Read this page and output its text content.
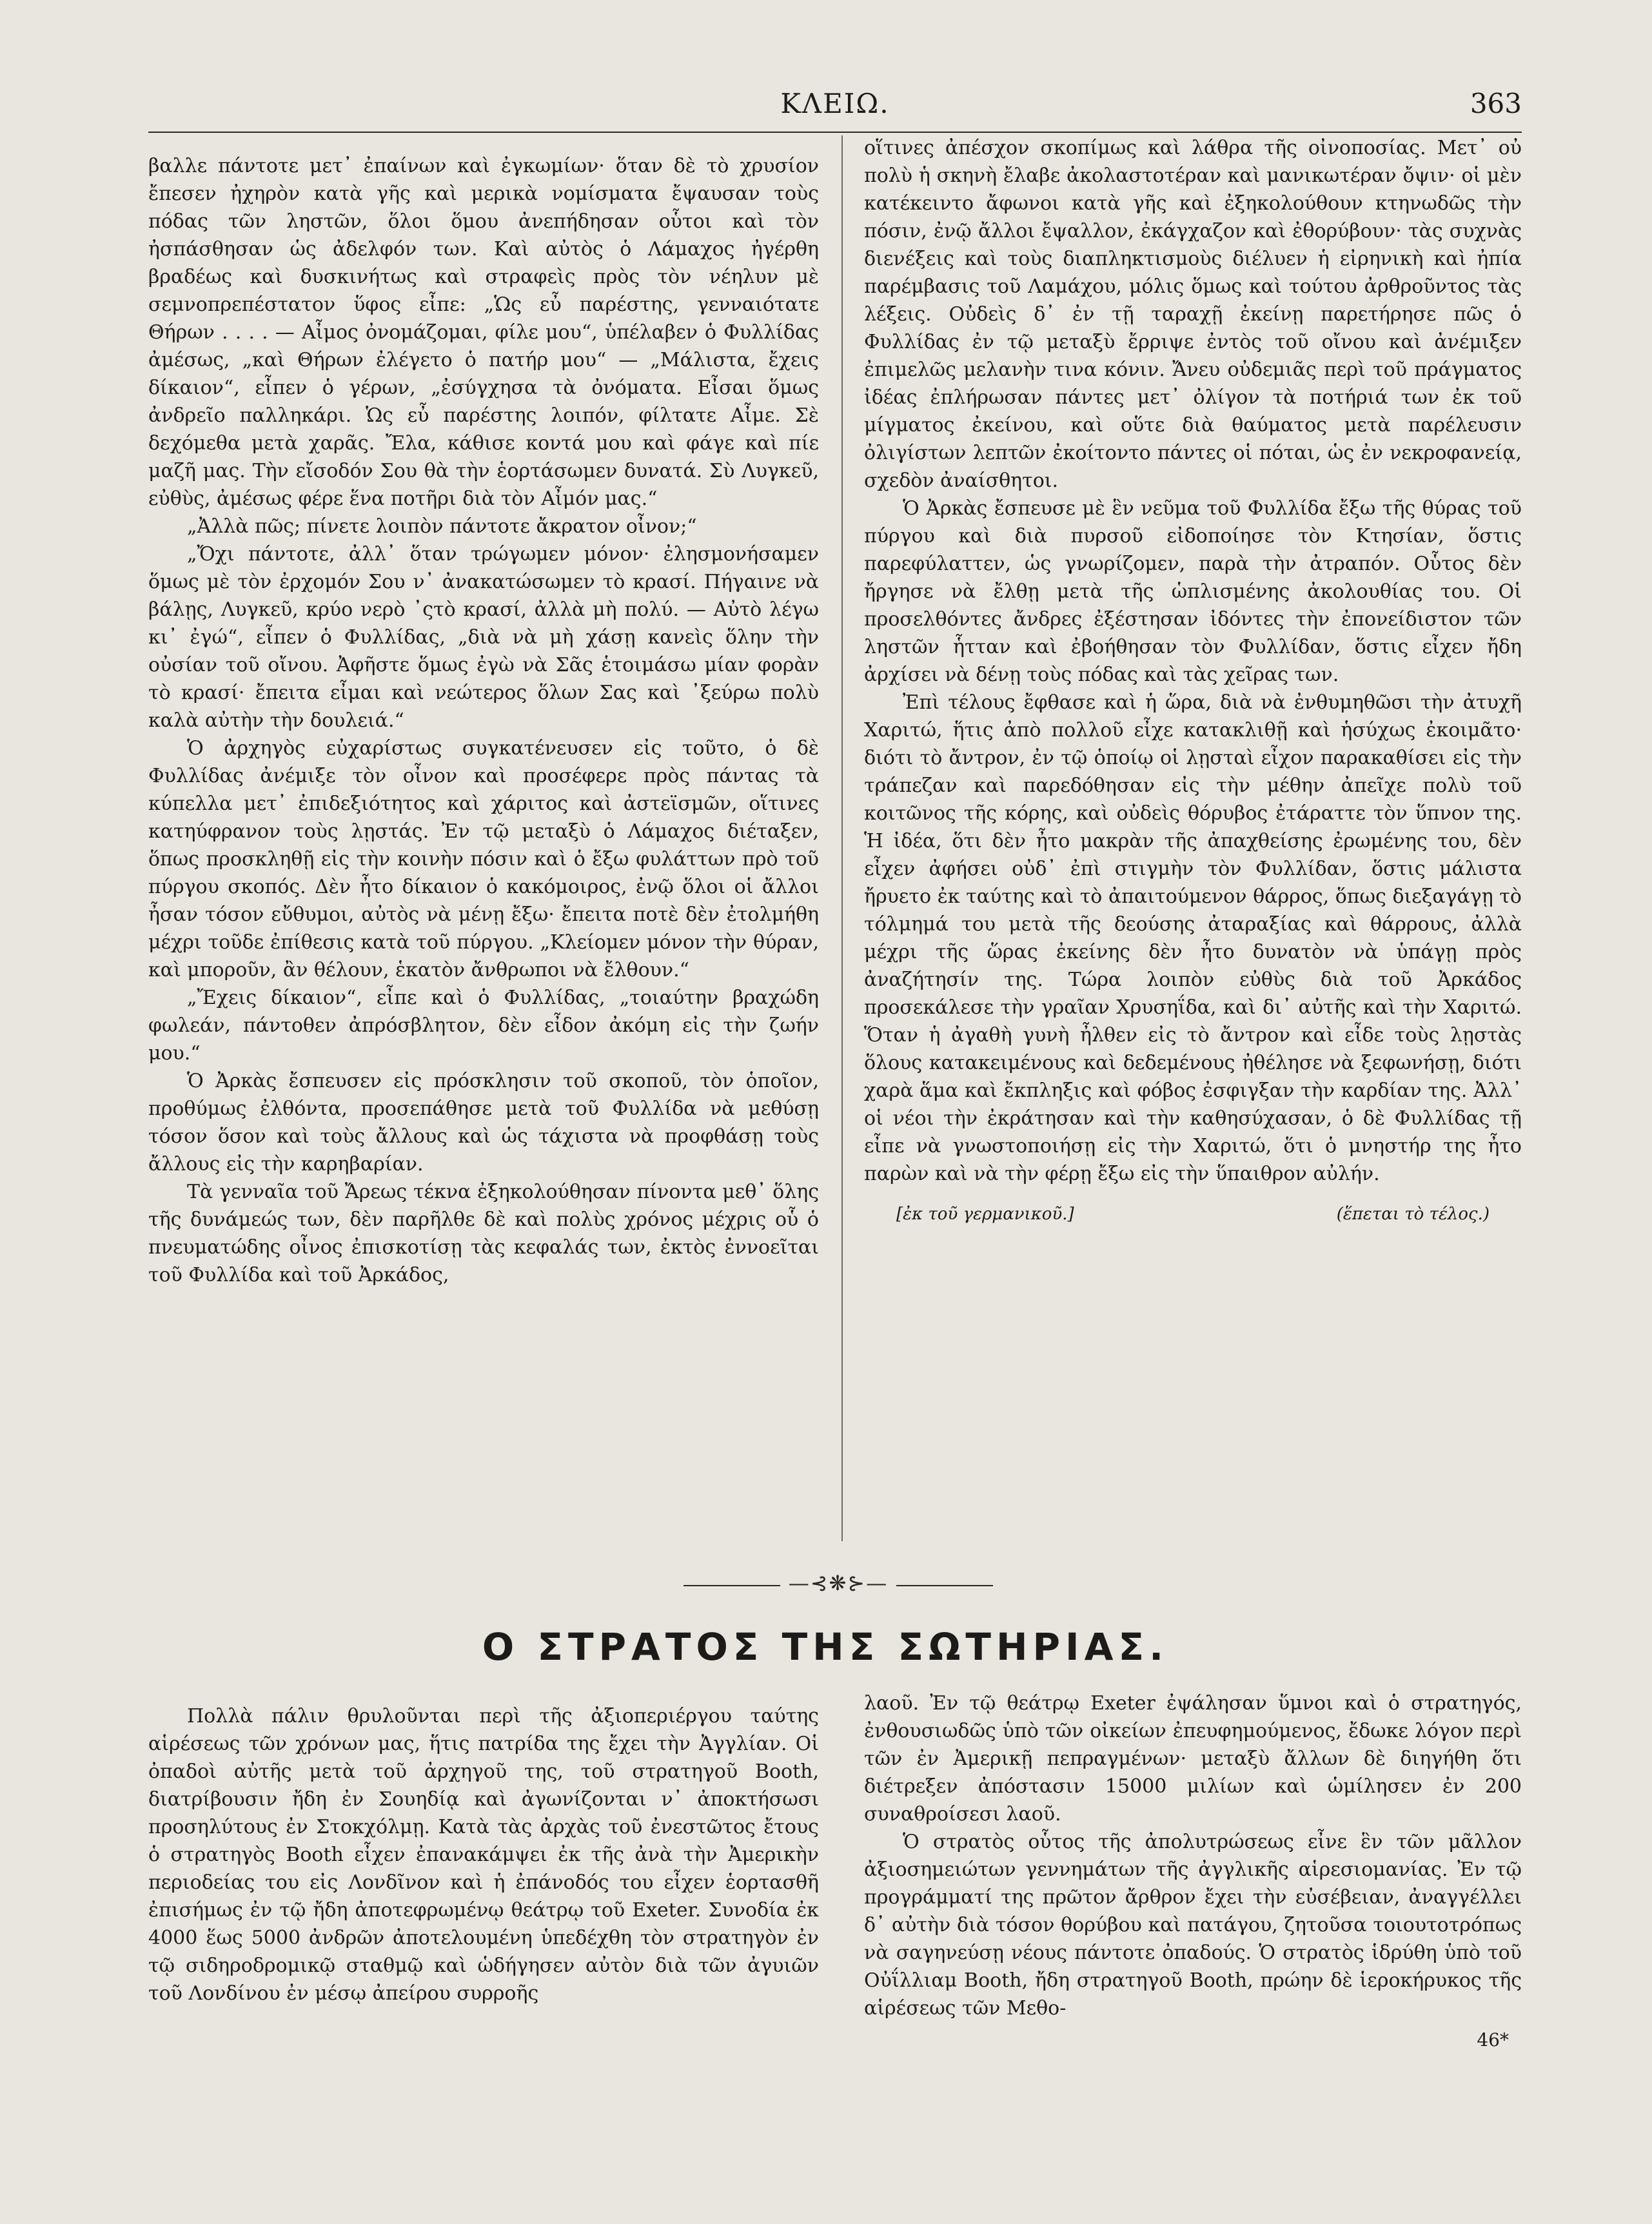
ΚΛΕΙΩ.	363

βαλλε πάντοτε μετ᾽ ἐπαίνων καὶ ἐγκωμίων· ὅταν δὲ τὸ χρυσίον ἔπεσεν ἠχηρὸν κατὰ γῆς καὶ μερικὰ νομίσματα ἔψαυσαν τοὺς πόδας τῶν ληστῶν, ὅλοι ὅμου ἀνεπήδησαν οὗτοι καὶ τὸν ἠσπάσθησαν ὡς ἀδελφόν των. Καὶ αὐτὸς ὁ Λάμαχος ἠγέρθη βραδέως καὶ δυσκινήτως καὶ στραφεὶς πρὸς τὸν νέηλυν μὲ σεμνοπρεπέστατον ὕφος εἶπε: „Ὡς εὖ παρέστης, γενναιότατε Θήρων . . . . — Αἶμος ὀνομάζομαι, φίλε μου“, ὑπέλαβεν ὁ Φυλλίδας ἀμέσως, „καὶ Θήρων ἐλέγετο ὁ πατήρ μου“ — „Μάλιστα, ἔχεις δίκαιον“, εἶπεν ὁ γέρων, „ἐσύγχησα τὰ ὀνόματα. Εἶσαι ὅμως ἀνδρεῖο παλληκάρι. Ὡς εὖ παρέστης λοιπόν, φίλτατε Αἶμε. Σὲ δεχόμεθα μετὰ χαρᾶς. Ἔλα, κάθισε κοντά μου καὶ φάγε καὶ πίε μαζῆ μας. Τὴν εἴσοδόν Σου θὰ τὴν ἑορτάσωμεν δυνατά. Σὺ Λυγκεῦ, εὐθὺς, ἀμέσως φέρε ἕνα ποτῆρι διὰ τὸν Αἶμόν μας.“

„Ἀλλὰ πῶς; πίνετε λοιπὸν πάντοτε ἄκρατον οἶνον;“

„Ὄχι πάντοτε, ἀλλ᾽ ὅταν τρώγωμεν μόνον· ἐλησμονήσαμεν ὅμως μὲ τὸν ἐρχομόν Σου ν᾽ ἀνακατώσωμεν τὸ κρασί. Πήγαινε νὰ βάλῃς, Λυγκεῦ, κρύο νερὸ ᾽ςτὸ κρασί, ἀλλὰ μὴ πολύ. — Αὐτὸ λέγω κι᾽ ἐγώ“, εἶπεν ὁ Φυλλίδας, „διὰ νὰ μὴ χάσῃ κανεὶς ὅλην τὴν οὐσίαν τοῦ οἴνου. Ἀφῆστε ὅμως ἐγὼ νὰ Σᾶς ἑτοιμάσω μίαν φορὰν τὸ κρασί· ἔπειτα εἶμαι καὶ νεώτερος ὅλων Σας καὶ ᾽ξεύρω πολὺ καλὰ αὐτὴν τὴν δουλειά.“

Ὁ ἀρχηγὸς εὐχαρίστως συγκατένευσεν εἰς τοῦτο, ὁ δὲ Φυλλίδας ἀνέμιξε τὸν οἶνον καὶ προσέφερε πρὸς πάντας τὰ κύπελλα μετ᾽ ἐπιδεξιότητος καὶ χάριτος καὶ ἀστεϊσμῶν, οἵτινες κατηύφρανον τοὺς λῃστάς. Ἐν τῷ μεταξὺ ὁ Λάμαχος διέταξεν, ὅπως προσκληθῇ εἰς τὴν κοινὴν πόσιν καὶ ὁ ἔξω φυλάττων πρὸ τοῦ πύργου σκοπός. Δὲν ἦτο δίκαιον ὁ κακόμοιρος, ἐνῷ ὅλοι οἱ ἄλλοι ἦσαν τόσον εὔθυμοι, αὐτὸς νὰ μένῃ ἔξω· ἔπειτα ποτὲ δὲν ἐτολμήθη μέχρι τοῦδε ἐπίθεσις κατὰ τοῦ πύργου. „Κλείομεν μόνον τὴν θύραν, καὶ μποροῦν, ἂν θέλουν, ἑκατὸν ἄνθρωποι νὰ ἔλθουν.“

„Ἔχεις δίκαιον“, εἶπε καὶ ὁ Φυλλίδας, „τοιαύτην βραχώδη φωλεάν, πάντοθεν ἀπρόσβλητον, δὲν εἶδον ἀκόμη εἰς τὴν ζωήν μου.“

Ὁ Ἀρκὰς ἔσπευσεν εἰς πρόσκλησιν τοῦ σκοποῦ, τὸν ὁποῖον, προθύμως ἐλθόντα, προσεπάθησε μετὰ τοῦ Φυλλίδα νὰ μεθύσῃ τόσον ὅσον καὶ τοὺς ἄλλους καὶ ὡς τάχιστα νὰ προφθάσῃ τοὺς ἄλλους εἰς τὴν καρηβαρίαν.

Τὰ γενναῖα τοῦ Ἄρεως τέκνα ἐξηκολούθησαν πίνοντα μεθ᾽ ὅλης τῆς δυνάμεώς των, δὲν παρῆλθε δὲ καὶ πολὺς χρόνος μέχρις οὗ ὁ πνευματώδης οἶνος ἐπισκοτίσῃ τὰς κεφαλάς των, ἐκτὸς ἐννοεῖται τοῦ Φυλλίδα καὶ τοῦ Ἀρκάδος,

οἵτινες ἀπέσχον σκοπίμως καὶ λάθρα τῆς οἰνοποσίας. Μετ᾽ οὐ πολὺ ἡ σκηνὴ ἔλαβε ἀκολαστοτέραν καὶ μανικωτέραν ὄψιν· οἱ μὲν κατέκειντο ἄφωνοι κατὰ γῆς καὶ ἐξηκολούθουν κτηνωδῶς τὴν πόσιν, ἐνῷ ἄλλοι ἔψαλλον, ἐκάγχαζον καὶ ἐθορύβουν· τὰς συχνὰς διενέξεις καὶ τοὺς διαπληκτισμοὺς διέλυεν ἡ εἰρηνικὴ καὶ ἠπία παρέμβασις τοῦ Λαμάχου, μόλις ὅμως καὶ τούτου ἀρθροῦντος τὰς λέξεις. Οὐδεὶς δ᾽ ἐν τῇ ταραχῇ ἐκείνῃ παρετήρησε πῶς ὁ Φυλλίδας ἐν τῷ μεταξὺ ἔρριψε ἐντὸς τοῦ οἴνου καὶ ἀνέμιξεν ἐπιμελῶς μελανὴν τινα κόνιν. Ἄνευ οὐδεμιᾶς περὶ τοῦ πράγματος ἰδέας ἐπλήρωσαν πάντες μετ᾽ ὀλίγον τὰ ποτήριά των ἐκ τοῦ μίγματος ἐκείνου, καὶ οὕτε διὰ θαύματος μετὰ παρέλευσιν ὀλιγίστων λεπτῶν ἐκοίτοντο πάντες οἱ πόται, ὡς ἐν νεκροφανείᾳ, σχεδὸν ἀναίσθητοι.

Ὁ Ἀρκὰς ἔσπευσε μὲ ἓν νεῦμα τοῦ Φυλλίδα ἔξω τῆς θύρας τοῦ πύργου καὶ διὰ πυρσοῦ εἰδοποίησε τὸν Κτησίαν, ὅστις παρεφύλαττεν, ὡς γνωρίζομεν, παρὰ τὴν ἀτραπόν. Οὗτος δὲν ἤργησε νὰ ἔλθῃ μετὰ τῆς ὡπλισμένης ἀκολουθίας του. Οἱ προσελθόντες ἄνδρες ἐξέστησαν ἰδόντες τὴν ἐπονείδιστον τῶν ληστῶν ἧτταν καὶ ἐβοήθησαν τὸν Φυλλίδαν, ὅστις εἶχεν ἤδη ἀρχίσει νὰ δένῃ τοὺς πόδας καὶ τὰς χεῖρας των.

Ἐπὶ τέλους ἔφθασε καὶ ἡ ὥρα, διὰ νὰ ἐνθυμηθῶσι τὴν ἀτυχῆ Χαριτώ, ἥτις ἀπὸ πολλοῦ εἶχε κατακλιθῇ καὶ ἡσύχως ἐκοιμᾶτο· διότι τὸ ἄντρον, ἐν τῷ ὁποίῳ οἱ λῃσταὶ εἶχον παρακαθίσει εἰς τὴν τράπεζαν καὶ παρεδόθησαν εἰς τὴν μέθην ἀπεῖχε πολὺ τοῦ κοιτῶνος τῆς κόρης, καὶ οὐδεὶς θόρυβος ἐτάραττε τὸν ὕπνον της. Ἡ ἰδέα, ὅτι δὲν ἦτο μακρὰν τῆς ἀπαχθείσης ἐρωμένης του, δὲν εἶχεν ἀφήσει οὐδ᾽ ἐπὶ στιγμὴν τὸν Φυλλίδαν, ὅστις μάλιστα ἤρυετο ἐκ ταύτης καὶ τὸ ἀπαιτούμενον θάρρος, ὅπως διεξαγάγῃ τὸ τόλμημά του μετὰ τῆς δεούσης ἀταραξίας καὶ θάρρους, ἀλλὰ μέχρι τῆς ὥρας ἐκείνης δὲν ἦτο δυνατὸν νὰ ὑπάγῃ πρὸς ἀναζήτησίν της. Τώρα λοιπὸν εὐθὺς διὰ τοῦ Ἀρκάδος προσεκάλεσε τὴν γραῖαν Χρυσηΐδα, καὶ δι᾽ αὐτῆς καὶ τὴν Χαριτώ. Ὅταν ἡ ἀγαθὴ γυνὴ ἦλθεν εἰς τὸ ἄντρον καὶ εἶδε τοὺς λῃστὰς ὅλους κατακειμένους καὶ δεδεμένους ἠθέλησε νὰ ξεφωνήσῃ, διότι χαρὰ ἅμα καὶ ἔκπληξις καὶ φόβος ἐσφιγξαν τὴν καρδίαν της. Ἀλλ᾽ οἱ νέοι τὴν ἐκράτησαν καὶ τὴν καθησύχασαν, ὁ δὲ Φυλλίδας τῇ εἶπε νὰ γνωστοποιήσῃ εἰς τὴν Χαριτώ, ὅτι ὁ μνηστήρ της ἦτο παρὼν καὶ νὰ τὴν φέρῃ ἔξω εἰς τὴν ὕπαιθρον αὐλήν.

[ἐκ τοῦ γερμανικοῦ.]	(ἕπεται τὸ τέλος.)
—⊰❋⊱—
Ο ΣΤΡΑΤΟΣ ΤΗΣ ΣΩΤΗΡΙΑΣ.

Πολλὰ πάλιν θρυλοῦνται περὶ τῆς ἀξιοπεριέργου ταύτης αἱρέσεως τῶν χρόνων μας, ἥτις πατρίδα της ἔχει τὴν Ἀγγλίαν. Οἱ ὀπαδοὶ αὐτῆς μετὰ τοῦ ἀρχηγοῦ της, τοῦ στρατηγοῦ Booth, διατρίβουσιν ἤδη ἐν Σουηδίᾳ καὶ ἀγωνίζονται ν᾽ ἀποκτήσωσι προσηλύτους ἐν Στοκχόλμῃ. Κατὰ τὰς ἀρχὰς τοῦ ἐνεστῶτος ἔτους ὁ στρατηγὸς Booth εἶχεν ἐπανακάμψει ἐκ τῆς ἀνὰ τὴν Ἀμερικὴν περιοδείας του εἰς Λονδῖνον καὶ ἡ ἐπάνοδός του εἶχεν ἑορτασθῆ ἐπισήμως ἐν τῷ ἤδη ἀποτεφρωμένῳ θεάτρῳ τοῦ Exeter. Συνοδία ἐκ 4000 ἕως 5000 ἀνδρῶν ἀποτελουμένη ὑπεδέχθη τὸν στρατηγὸν ἐν τῷ σιδηροδρομικῷ σταθμῷ καὶ ὡδήγησεν αὐτὸν διὰ τῶν ἀγυιῶν τοῦ Λονδίνου ἐν μέσῳ ἀπείρου συρροῆς

λαοῦ. Ἐν τῷ θεάτρῳ Exeter ἐψάλησαν ὕμνοι καὶ ὁ στρατηγός, ἐνθουσιωδῶς ὑπὸ τῶν οἰκείων ἐπευφημούμενος, ἔδωκε λόγον περὶ τῶν ἐν Ἀμερικῇ πεπραγμένων· μεταξὺ ἄλλων δὲ διηγήθη ὅτι διέτρεξεν ἀπόστασιν 15000 μιλίων καὶ ὡμίλησεν ἐν 200 συναθροίσεσι λαοῦ.

Ὁ στρατὸς οὗτος τῆς ἀπολυτρώσεως εἶνε ἓν τῶν μᾶλλον ἀξιοσημειώτων γεννημάτων τῆς ἀγγλικῆς αἱρεσιομανίας. Ἐν τῷ προγράμματί της πρῶτον ἄρθρον ἔχει τὴν εὐσέβειαν, ἀναγγέλλει δ᾽ αὐτὴν διὰ τόσον θορύβου καὶ πατάγου, ζητοῦσα τοιουτοτρόπως νὰ σαγηνεύσῃ νέους πάντοτε ὀπαδούς. Ὁ στρατὸς ἱδρύθη ὑπὸ τοῦ Οὐΐλλιαμ Booth, ἤδη στρατηγοῦ Booth, πρώην δὲ ἱεροκήρυκος τῆς αἱρέσεως τῶν Μεθο-

46*
